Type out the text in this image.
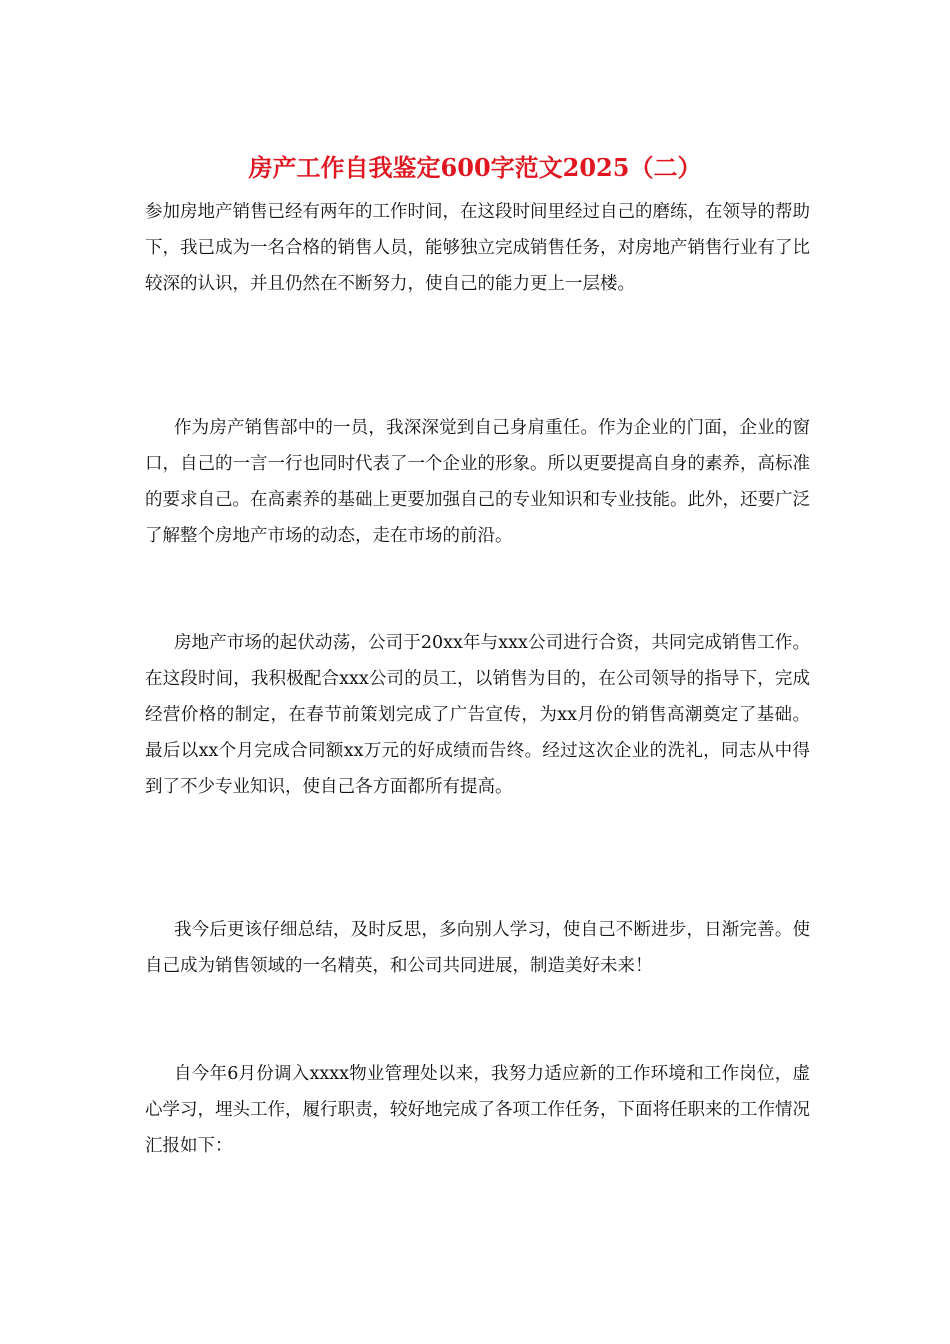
房产工作自我鉴定600字范文2025（二）

参加房地产销售已经有两年的工作时间，在这段时间里经过自己的磨练，在领导的帮助下，我已成为一名合格的销售人员，能够独立完成销售任务，对房地产销售行业有了比较深的认识，并且仍然在不断努力，使自己的能力更上一层楼。

作为房产销售部中的一员，我深深觉到自己身肩重任。作为企业的门面，企业的窗口，自己的一言一行也同时代表了一个企业的形象。所以更要提高自身的素养，高标准的要求自己。在高素养的基础上更要加强自己的专业知识和专业技能。此外，还要广泛了解整个房地产市场的动态，走在市场的前沿。

房地产市场的起伏动荡，公司于20xx年与xxx公司进行合资，共同完成销售工作。在这段时间，我积极配合xxx公司的员工，以销售为目的，在公司领导的指导下，完成经营价格的制定，在春节前策划完成了广告宣传，为xx月份的销售高潮奠定了基础。最后以xx个月完成合同额xx万元的好成绩而告终。经过这次企业的洗礼，同志从中得到了不少专业知识，使自己各方面都所有提高。

我今后更该仔细总结，及时反思，多向别人学习，使自己不断进步，日渐完善。使自己成为销售领域的一名精英，和公司共同进展，制造美好未来！

自今年6月份调入xxxx物业管理处以来，我努力适应新的工作环境和工作岗位，虚心学习，埋头工作，履行职责，较好地完成了各项工作任务，下面将任职来的工作情况汇报如下：
